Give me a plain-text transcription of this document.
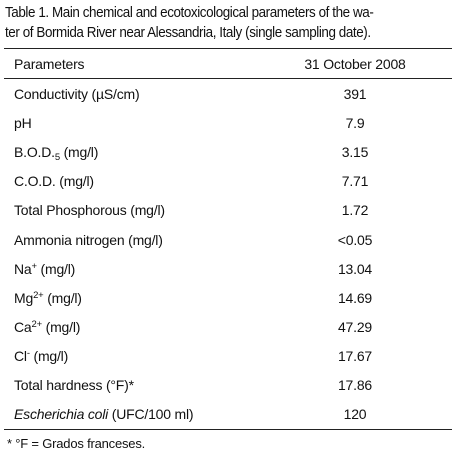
Table 1. Main chemical and ecotoxicological parameters of the wa-
ter of Bormida River near Alessandria, Italy (single sampling date).
Parameters	31 October 2008
Conductivity (µS/cm)	391
pH	7.9
$B.O.D._5$ (mg/l)	3.15
C.O.D. (mg/l)	7.71
Total Phosphorous (mg/l)	1.72
Ammonia nitrogen (mg/l)	<0.05
Na+ (mg/l)	13.04
$Mg^{2+}$ (mg/l)	14.69
$Ca^{2+}$ (mg/l)	47.29
Cl- (mg/l)	17.67
Total hardness (°F)*	17.86
Escherichia coli (UFC/100 ml)	120
* °F = Grados franceses.
